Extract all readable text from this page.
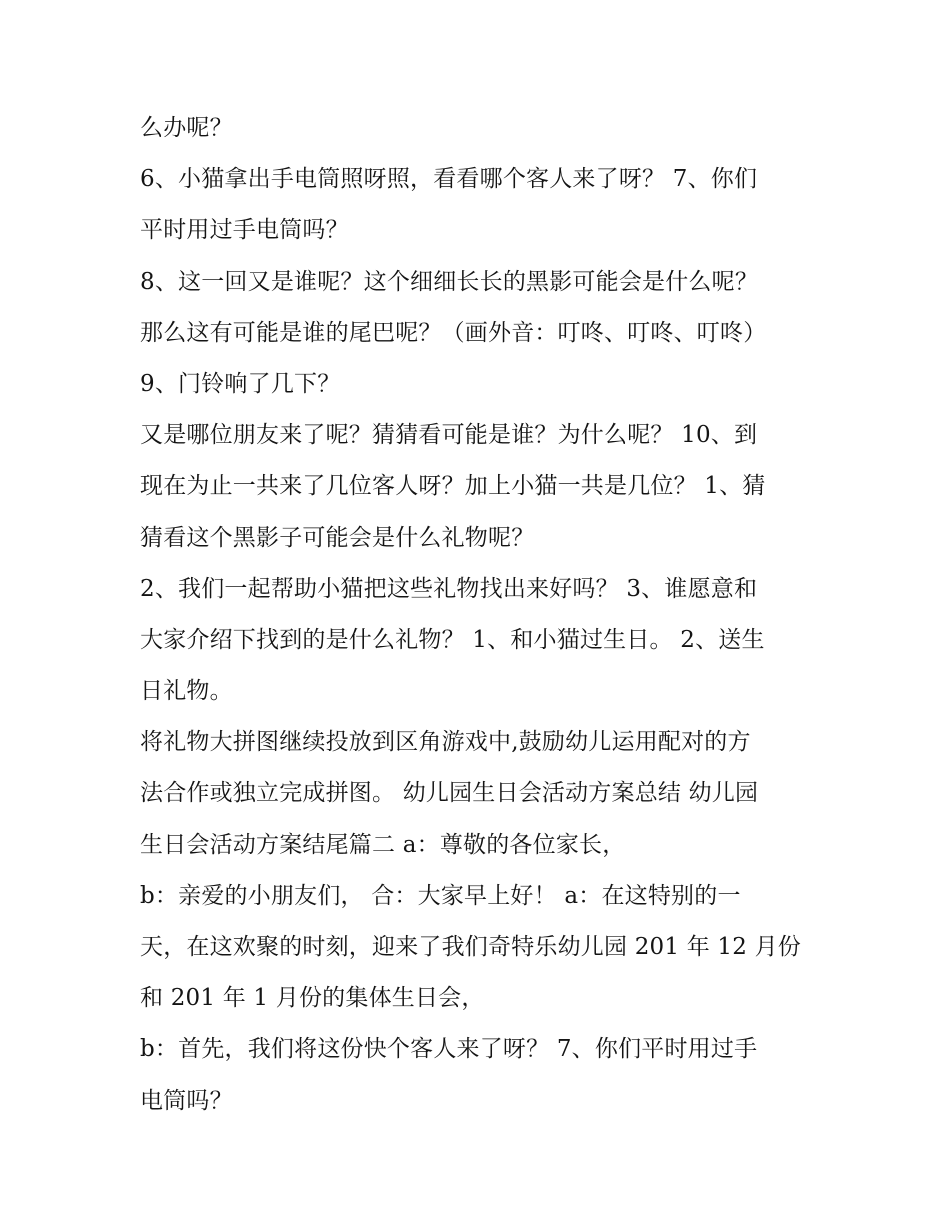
么办呢？
6、小猫拿出手电筒照呀照，看看哪个客人来了呀？ 7、你们
平时用过手电筒吗？
8、这一回又是谁呢？这个细细长长的黑影可能会是什么呢？
那么这有可能是谁的尾巴呢？（画外音：叮咚、叮咚、叮咚）
9、门铃响了几下？
又是哪位朋友来了呢？猜猜看可能是谁？为什么呢？ 10、到
现在为止一共来了几位客人呀？加上小猫一共是几位？ 1、猜
猜看这个黑影子可能会是什么礼物呢？
2、我们一起帮助小猫把这些礼物找出来好吗？ 3、谁愿意和
大家介绍下找到的是什么礼物？ 1、和小猫过生日。 2、送生
日礼物。
将礼物大拼图继续投放到区角游戏中,鼓励幼儿运用配对的方
法合作或独立完成拼图。 幼儿园生日会活动方案总结 幼儿园
生日会活动方案结尾篇二 a：尊敬的各位家长，
b：亲爱的小朋友们， 合：大家早上好！ a：在这特别的一
天，在这欢聚的时刻，迎来了我们奇特乐幼儿园 201 年 12 月份
和 201 年 1 月份的集体生日会，
b：首先，我们将这份快个客人来了呀？ 7、你们平时用过手
电筒吗？
